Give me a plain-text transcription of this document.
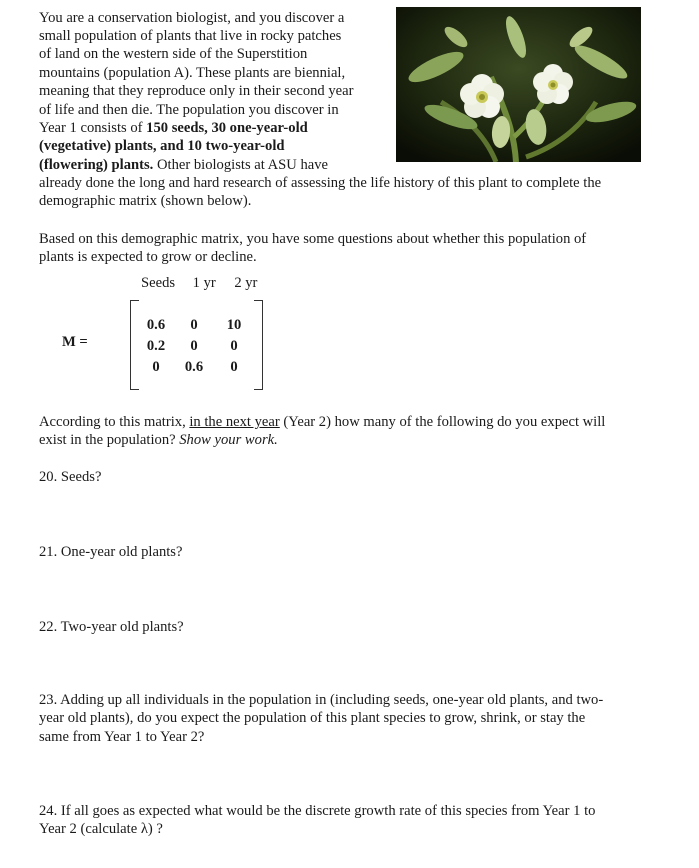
You are a conservation biologist, and you discover a
small population of plants that live in rocky patches
of land on the western side of the Superstition
mountains (population A). These plants are biennial,
meaning that they reproduce only in their second year
of life and then die. The population you discover in
Year 1 consists of 150 seeds, 30 one-year-old
(vegetative) plants, and 10 two-year-old
(flowering) plants. Other biologists at ASU have
already done the long and hard research of assessing the life history of this plant to complete the
demographic matrix (shown below).
Based on this demographic matrix, you have some questions about whether this population of
plants is expected to grow or decline.
Seeds 1 yr 2 yr
M =
0.6	0	10
0.2	0	0
0	0.6	0
According to this matrix, in the next year (Year 2) how many of the following do you expect will
exist in the population? Show your work.
20. Seeds?
21. One-year old plants?
22. Two-year old plants?
23. Adding up all individuals in the population in (including seeds, one-year old plants, and two-
year old plants), do you expect the population of this plant species to grow, shrink, or stay the
same from Year 1 to Year 2?
24. If all goes as expected what would be the discrete growth rate of this species from Year 1 to
Year 2 (calculate λ) ?
